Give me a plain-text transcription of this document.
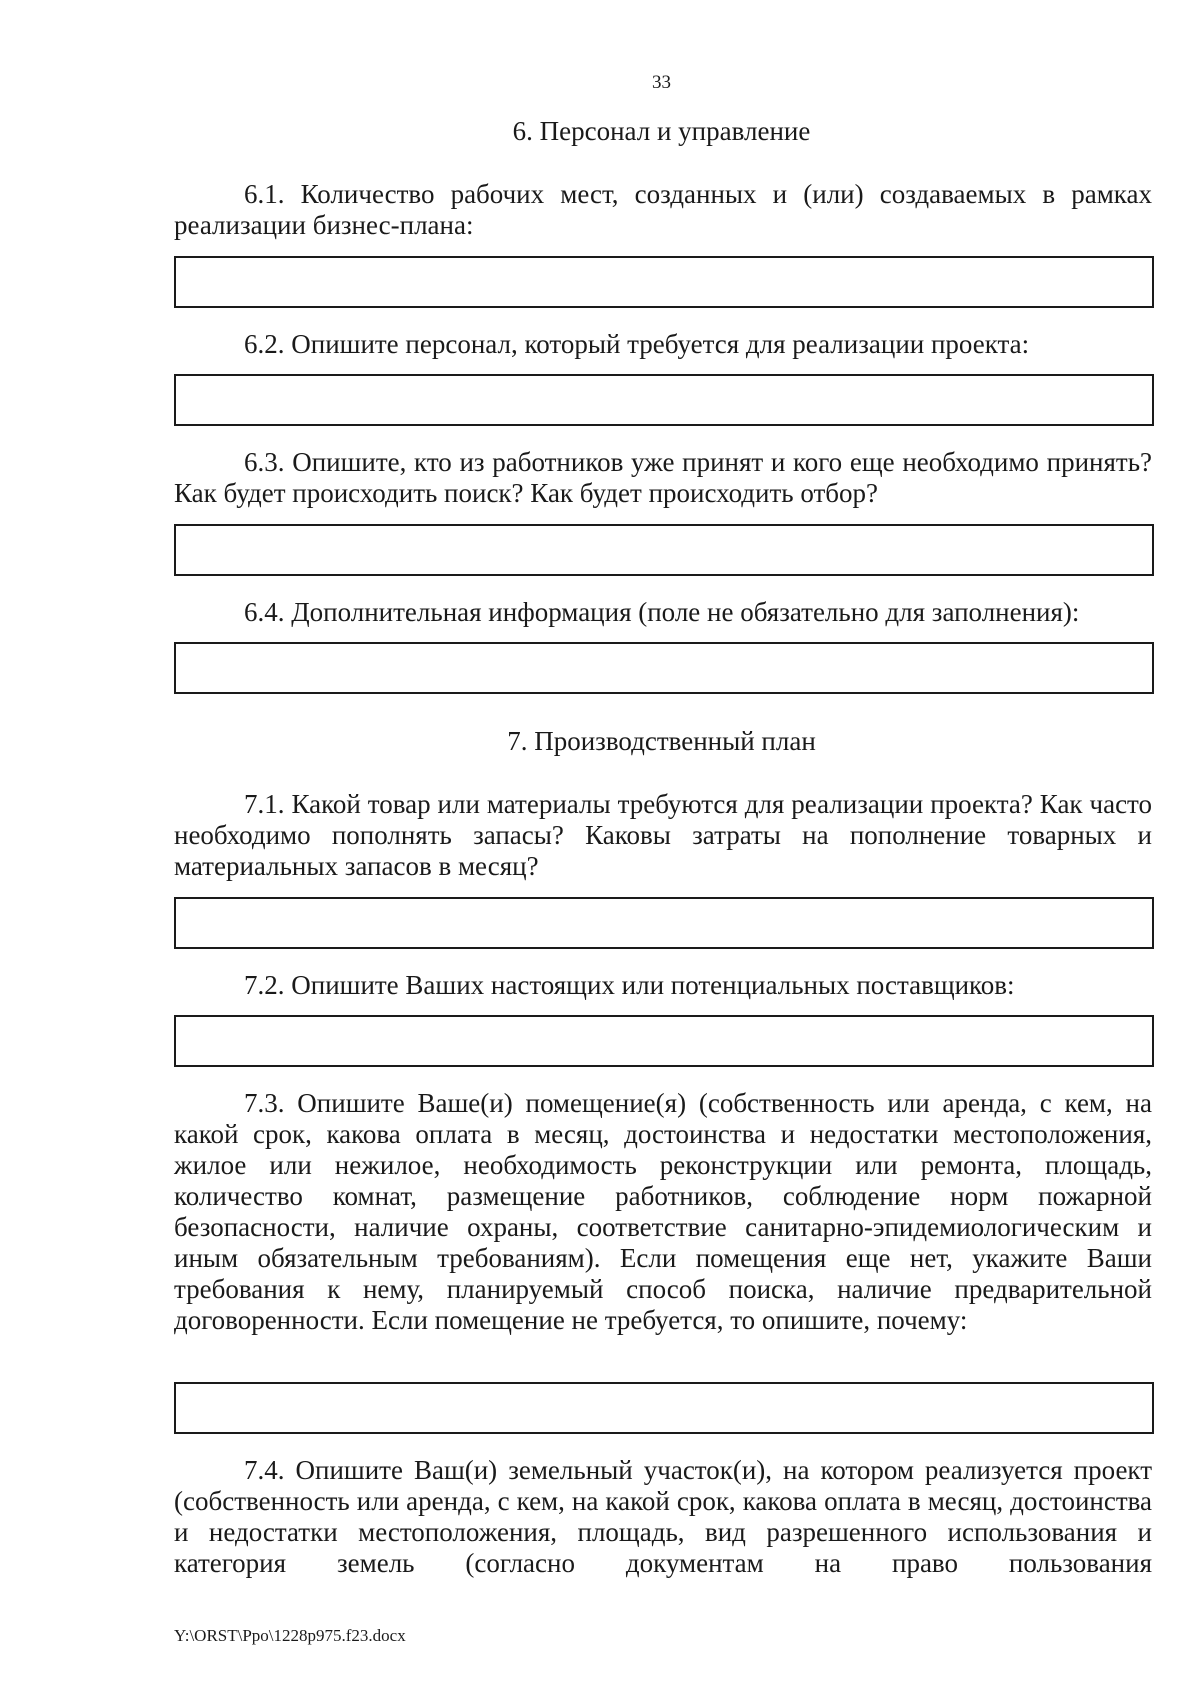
33
6. Персонал и управление

6.1. Количество рабочих мест, созданных и (или) создаваемых в рамках реализации бизнес-плана:

6.2. Опишите персонал, который требуется для реализации проекта:

6.3. Опишите, кто из работников уже принят и кого еще необходимо принять? Как будет происходить поиск? Как будет происходить отбор?

6.4. Дополнительная информация (поле не обязательно для заполнения):

7. Производственный план

7.1. Какой товар или материалы требуются для реализации проекта? Как часто необходимо пополнять запасы? Каковы затраты на пополнение товарных и материальных запасов в месяц?

7.2. Опишите Ваших настоящих или потенциальных поставщиков:

7.3. Опишите Ваше(и) помещение(я) (собственность или аренда, с кем, на какой срок, какова оплата в месяц, достоинства и недостатки местоположения, жилое или нежилое, необходимость реконструкции или ремонта, площадь, количество комнат, размещение работников, соблюдение норм пожарной безопасности, наличие охраны, соответствие санитарно-эпидемиологическим и иным обязательным требованиям). Если помещения еще нет, укажите Ваши требования к нему, планируемый способ поиска, наличие предварительной договоренности. Если помещение не требуется, то опишите, почему:

7.4. Опишите Ваш(и) земельный участок(и), на котором реализуется проект (собственность или аренда, с кем, на какой срок, какова оплата в месяц, достоинства и недостатки местоположения, площадь, вид разрешенного использования и категория земель (согласно документам на право пользования

Y:\ORST\Ppo\1228p975.f23.docx
